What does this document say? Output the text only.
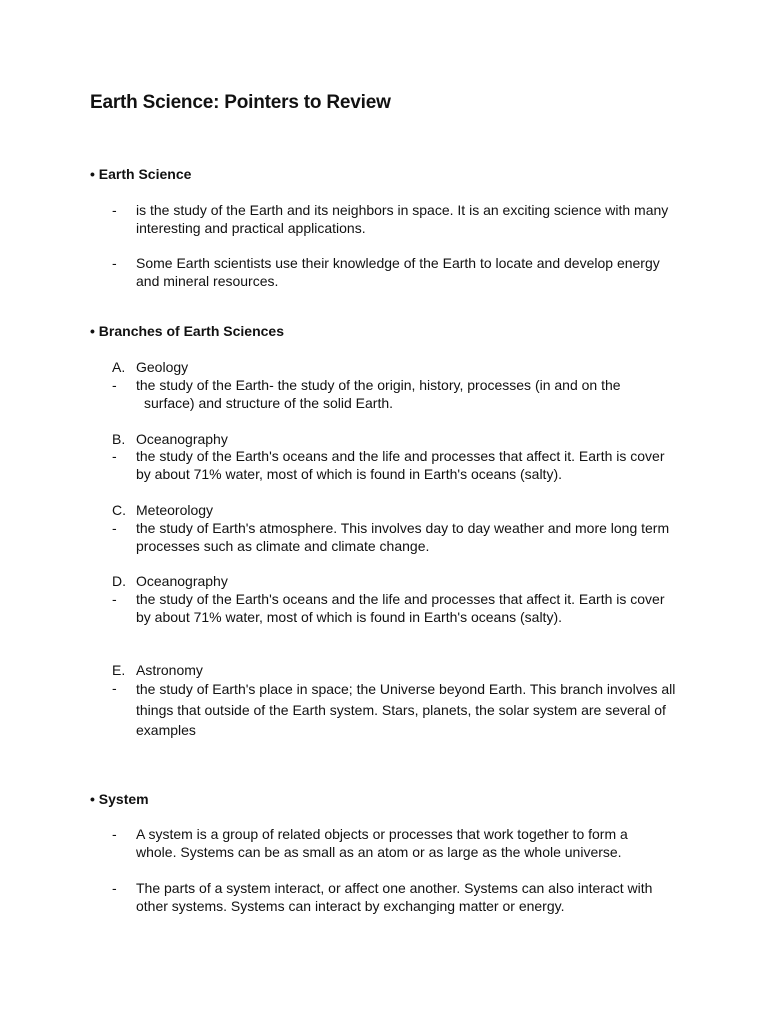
Earth Science: Pointers to Review
• Earth Science
- is the study of the Earth and its neighbors in space. It is an exciting science with many interesting and practical applications.
- Some Earth scientists use their knowledge of the Earth to locate and develop energy and mineral resources.
• Branches of Earth Sciences
A. Geology
- the study of the Earth- the study of the origin, history, processes (in and on the
surface) and structure of the solid Earth.
B. Oceanography
- the study of the Earth's oceans and the life and processes that affect it. Earth is cover by about 71% water, most of which is found in Earth's oceans (salty).
C. Meteorology
- the study of Earth's atmosphere. This involves day to day weather and more long term processes such as climate and climate change.
D. Oceanography
- the study of the Earth's oceans and the life and processes that affect it. Earth is cover by about 71% water, most of which is found in Earth's oceans (salty).
E. Astronomy
- the study of Earth's place in space; the Universe beyond Earth. This branch involves all things that outside of the Earth system. Stars, planets, the solar system are several of examples
• System
- A system is a group of related objects or processes that work together to form a whole. Systems can be as small as an atom or as large as the whole universe.
- The parts of a system interact, or affect one another. Systems can also interact with other systems. Systems can interact by exchanging matter or energy.
